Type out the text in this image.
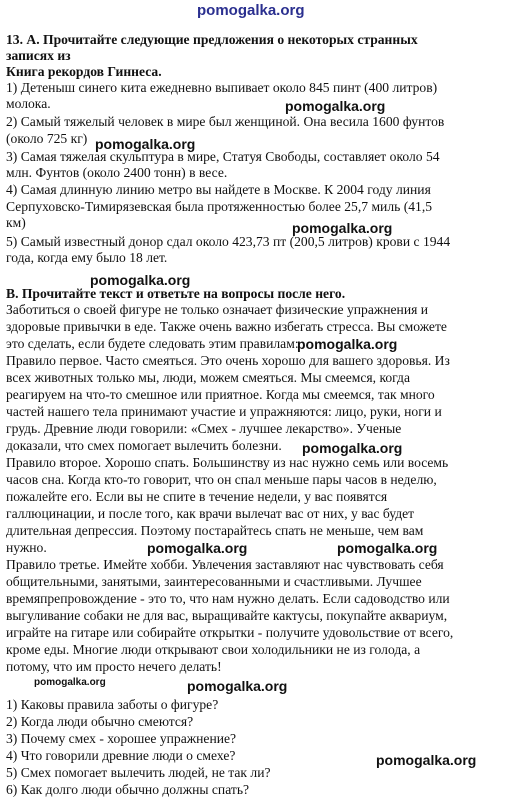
13. А. Прочитайте следующие предложения о некоторых странных
записях из
Книга рекордов Гиннеса.
1) Детеныш синего кита ежедневно выпивает около 845 пинт (400 литров)
молока.
2) Самый тяжелый человек в мире был женщиной. Она весила 1600 фунтов
(около 725 кг)
3) Самая тяжелая скульптура в мире, Статуя Свободы, составляет около 54
млн. Фунтов (около 2400 тонн) в весе.
4) Самая длинную линию метро вы найдете в Москве. К 2004 году линия
Серпуховско-Тимирязевская была протяженностью более 25,7 миль (41,5
км)
5) Самый известный донор сдал около 423,73 пт (200,5 литров) крови с 1944
года, когда ему было 18 лет.
В. Прочитайте текст и ответьте на вопросы после него.
Заботиться о своей фигуре не только означает физические упражнения и
здоровые привычки в еде. Также очень важно избегать стресса. Вы сможете
это сделать, если будете следовать этим правилам:
Правило первое. Часто смеяться. Это очень хорошо для вашего здоровья. Из
всех животных только мы, люди, можем смеяться. Мы смеемся, когда
реагируем на что-то смешное или приятное. Когда мы смеемся, так много
частей нашего тела принимают участие и упражняются: лицо, руки, ноги и
грудь. Древние люди говорили: «Смех - лучшее лекарство». Ученые
доказали, что смех помогает вылечить болезни.
Правило второе. Хорошо спать. Большинству из нас нужно семь или восемь
часов сна. Когда кто-то говорит, что он спал меньше пары часов в неделю,
пожалейте его. Если вы не спите в течение недели, у вас появятся
галлюцинации, и после того, как врачи вылечат вас от них, у вас будет
длительная депрессия. Поэтому постарайтесь спать не меньше, чем вам
нужно.
Правило третье. Имейте хобби. Увлечения заставляют нас чувствовать себя
общительными, занятыми, заинтересованными и счастливыми. Лучшее
времяпрепровождение - это то, что нам нужно делать. Если садоводство или
выгуливание собаки не для вас, выращивайте кактусы, покупайте аквариум,
играйте на гитаре или собирайте открытки - получите удовольствие от всего,
кроме еды. Многие люди открывают свои холодильники не из голода, а
потому, что им просто нечего делать!
1) Каковы правила заботы о фигуре?
2) Когда люди обычно смеются?
3) Почему смех - хорошее упражнение?
4) Что говорили древние люди о смехе?
5) Смех помогает вылечить людей, не так ли?
6) Как долго люди обычно должны спать?
pomogalka.org
pomogalka.org
pomogalka.org
pomogalka.org
pomogalka.org
pomogalka.org
pomogalka.org
pomogalka.org	pomogalka.org
pomogalka.org	pomogalka.org
pomogalka.org
